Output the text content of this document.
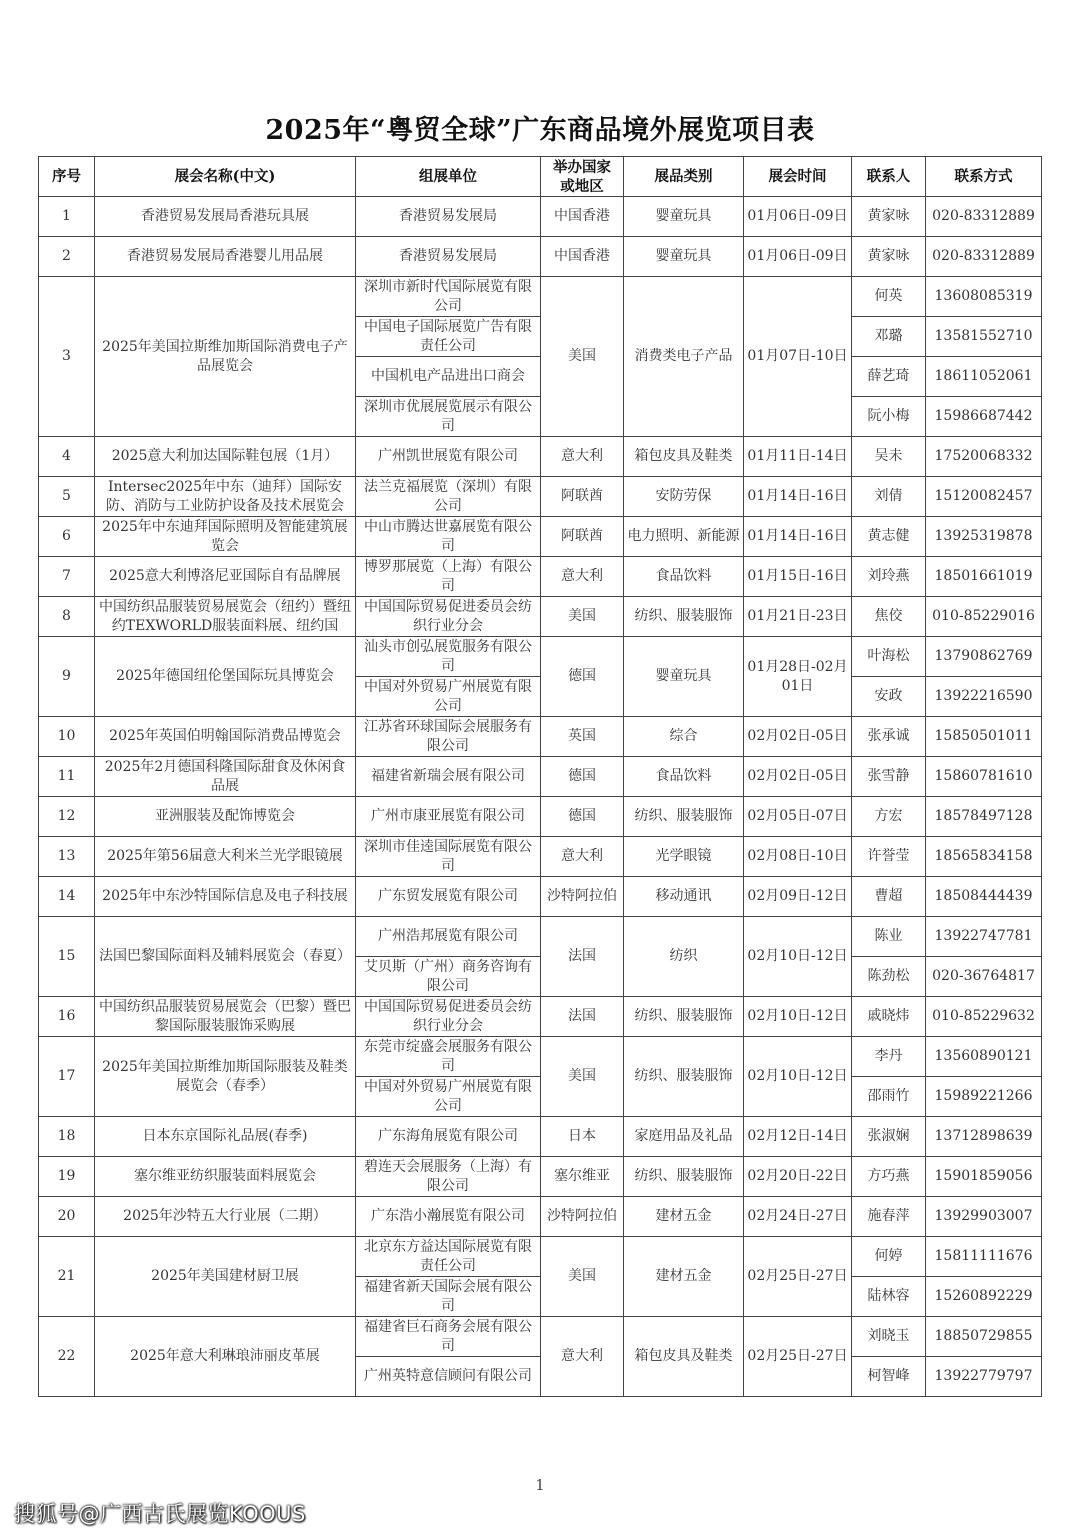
2025年“粤贸全球”广东商品境外展览项目表
序号	展会名称(中文)	组展单位	举办国家或地区	展品类别	展会时间	联系人	联系方式
1	香港贸易发展局香港玩具展	香港贸易发展局	中国香港	婴童玩具	01月06日-09日	黄家咏	020-83312889
2	香港贸易发展局香港婴儿用品展	香港贸易发展局	中国香港	婴童玩具	01月06日-09日	黄家咏	020-83312889
3	2025年美国拉斯维加斯国际消费电子产品展览会	深圳市新时代国际展览有限公司	美国	消费类电子产品	01月07日-10日	何英	13608085319
		中国电子国际展览广告有限责任公司				邓璐	13581552710
		中国机电产品进出口商会				薛艺琦	18611052061
		深圳市优展展览展示有限公司				阮小梅	15986687442
4	2025意大利加达国际鞋包展（1月）	广州凯世展览有限公司	意大利	箱包皮具及鞋类	01月11日-14日	吴未	17520068332
5	Intersec2025年中东（迪拜）国际安防、消防与工业防护设备及技术展览会	法兰克福展览（深圳）有限公司	阿联酋	安防劳保	01月14日-16日	刘倩	15120082457
6	2025年中东迪拜国际照明及智能建筑展览会	中山市腾达世嘉展览有限公司	阿联酋	电力照明、新能源	01月14日-16日	黄志健	13925319878
7	2025意大利博洛尼亚国际自有品牌展	博罗那展览（上海）有限公司	意大利	食品饮料	01月15日-16日	刘玲燕	18501661019
8	中国纺织品服装贸易展览会（纽约）暨纽约TEXWORLD服装面料展、纽约国	中国国际贸易促进委员会纺织行业分会	美国	纺织、服装服饰	01月21日-23日	焦佼	010-85229016
9	2025年德国纽伦堡国际玩具博览会	汕头市创弘展览服务有限公司	德国	婴童玩具	01月28日-02月01日	叶海松	13790862769
		中国对外贸易广州展览有限公司				安政	13922216590
10	2025年英国伯明翰国际消费品博览会	江苏省环球国际会展服务有限公司	英国	综合	02月02日-05日	张承诚	15850501011
11	2025年2月德国科隆国际甜食及休闲食品展	福建省新瑞会展有限公司	德国	食品饮料	02月02日-05日	张雪静	15860781610
12	亚洲服装及配饰博览会	广州市康亚展览有限公司	德国	纺织、服装服饰	02月05日-07日	方宏	18578497128
13	2025年第56届意大利米兰光学眼镜展	深圳市佳逵国际展览有限公司	意大利	光学眼镜	02月08日-10日	许誉莹	18565834158
14	2025年中东沙特国际信息及电子科技展	广东贸发展览有限公司	沙特阿拉伯	移动通讯	02月09日-12日	曹超	18508444439
15	法国巴黎国际面料及辅料展览会（春夏）	广州浩邦展览有限公司	法国	纺织	02月10日-12日	陈业	13922747781
		艾贝斯（广州）商务咨询有限公司				陈劲松	020-36764817
16	中国纺织品服装贸易展览会（巴黎）暨巴黎国际服装服饰采购展	中国国际贸易促进委员会纺织行业分会	法国	纺织、服装服饰	02月10日-12日	戚晓炜	010-85229632
17	2025年美国拉斯维加斯国际服装及鞋类展览会（春季）	东莞市绽盛会展服务有限公司	美国	纺织、服装服饰	02月10日-12日	李丹	13560890121
		中国对外贸易广州展览有限公司				邵雨竹	15989221266
18	日本东京国际礼品展(春季)	广东海角展览有限公司	日本	家庭用品及礼品	02月12日-14日	张淑娴	13712898639
19	塞尔维亚纺织服装面料展览会	碧连天会展服务（上海）有限公司	塞尔维亚	纺织、服装服饰	02月20日-22日	方巧燕	15901859056
20	2025年沙特五大行业展（二期）	广东浩小瀚展览有限公司	沙特阿拉伯	建材五金	02月24日-27日	施春萍	13929903007
21	2025年美国建材厨卫展	北京东方益达国际展览有限责任公司	美国	建材五金	02月25日-27日	何婷	15811111676
		福建省新天国际会展有限公司				陆林容	15260892229
22	2025年意大利琳琅沛丽皮革展	福建省巨石商务会展有限公司	意大利	箱包皮具及鞋类	02月25日-27日	刘晓玉	18850729855
		广州英特意信顾问有限公司				柯智峰	13922779797
1
搜狐号@广西古氏展览KOOUS
